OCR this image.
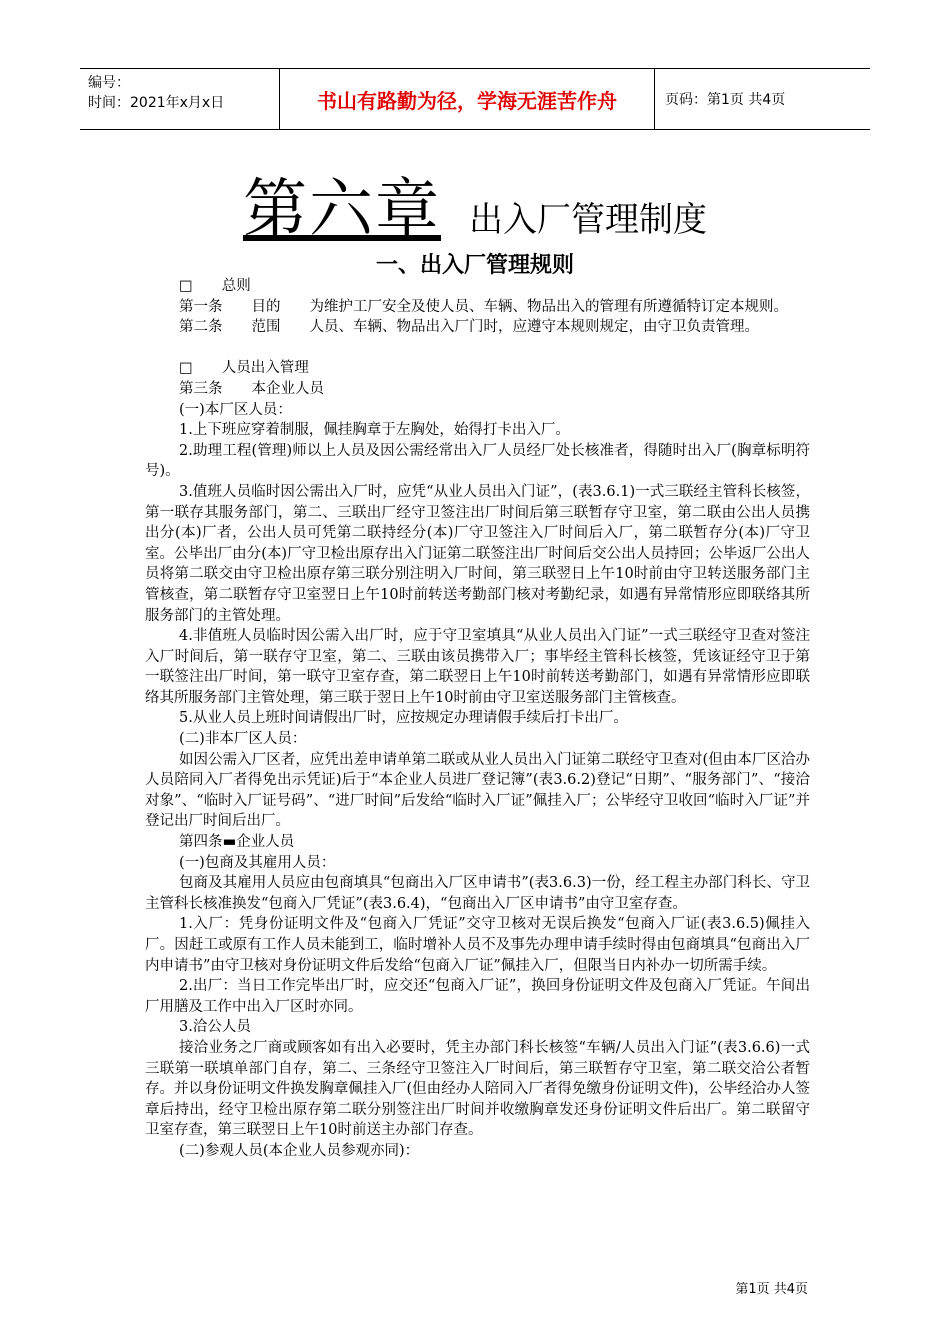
编号：
时间：2021年x月x日	书山有路勤为径，学海无涯苦作舟	页码：第1页 共4页
第六章 出入厂管理制度
一、出入厂管理规则

□　　总则

第一条　　目的　　为维护工厂安全及使人员、车辆、物品出入的管理有所遵循特订定本规则。

第二条　　范围　　人员、车辆、物品出入厂门时，应遵守本规则规定，由守卫负责管理。

□　　人员出入管理

第三条　　本企业人员

(一)本厂区人员：

1.上下班应穿着制服，佩挂胸章于左胸处，始得打卡出入厂。

2.助理工程(管理)师以上人员及因公需经常出入厂人员经厂处长核准者，得随时出入厂(胸章标明符号)。

3.值班人员临时因公需出入厂时，应凭“从业人员出入门证”，(表3.6.1)一式三联经主管科长核签，第一联存其服务部门，第二、三联出厂经守卫签注出厂时间后第三联暂存守卫室，第二联由公出人员携出分(本)厂者，公出人员可凭第二联持经分(本)厂守卫签注入厂时间后入厂，第二联暂存分(本)厂守卫室。公毕出厂由分(本)厂守卫检出原存出入门证第二联签注出厂时间后交公出人员持回；公毕返厂公出人员将第二联交由守卫检出原存第三联分别注明入厂时间，第三联翌日上午10时前由守卫转送服务部门主管核查，第二联暂存守卫室翌日上午10时前转送考勤部门核对考勤纪录，如遇有异常情形应即联络其所服务部门的主管处理。

4.非值班人员临时因公需入出厂时，应于守卫室填具“从业人员出入门证”一式三联经守卫查对签注入厂时间后，第一联存守卫室，第二、三联由该员携带入厂；事毕经主管科长核签，凭该证经守卫于第一联签注出厂时间，第一联守卫室存查，第二联翌日上午10时前转送考勤部门，如遇有异常情形应即联络其所服务部门主管处理，第三联于翌日上午10时前由守卫室送服务部门主管核查。

5.从业人员上班时间请假出厂时，应按规定办理请假手续后打卡出厂。

(二)非本厂区人员：

如因公需入厂区者，应凭出差申请单第二联或从业人员出入门证第二联经守卫查对(但由本厂区洽办人员陪同入厂者得免出示凭证)后于“本企业人员进厂登记簿”(表3.6.2)登记“日期”、“服务部门”、“接洽对象”、“临时入厂证号码”、“进厂时间”后发给“临时入厂证”佩挂入厂；公毕经守卫收回“临时入厂证”并登记出厂时间后出厂。

第四条▬企业人员

(一)包商及其雇用人员：

包商及其雇用人员应由包商填具“包商出入厂区申请书”(表3.6.3)一份，经工程主办部门科长、守卫主管科长核准换发“包商入厂凭证”(表3.6.4)，“包商出入厂区申请书”由守卫室存查。

1.入厂：凭身份证明文件及“包商入厂凭证”交守卫核对无误后换发“包商入厂证(表3.6.5)佩挂入厂。因赶工或原有工作人员未能到工，临时增补人员不及事先办理申请手续时得由包商填具“包商出入厂内申请书”由守卫核对身份证明文件后发给“包商入厂证”佩挂入厂，但限当日内补办一切所需手续。

2.出厂：当日工作完毕出厂时，应交还“包商入厂证”，换回身份证明文件及包商入厂凭证。午间出厂用膳及工作中出入厂区时亦同。

3.洽公人员

接洽业务之厂商或顾客如有出入必要时，凭主办部门科长核签“车辆/人员出入门证”(表3.6.6)一式三联第一联填单部门自存，第二、三条经守卫签注入厂时间后，第三联暂存守卫室，第二联交洽公者暂存。并以身份证明文件换发胸章佩挂入厂(但由经办人陪同入厂者得免缴身份证明文件)，公毕经洽办人签章后持出，经守卫检出原存第二联分别签注出厂时间并收缴胸章发还身份证明文件后出厂。第二联留守卫室存查，第三联翌日上午10时前送主办部门存查。

(二)参观人员(本企业人员参观亦同)：

第1页 共4页
